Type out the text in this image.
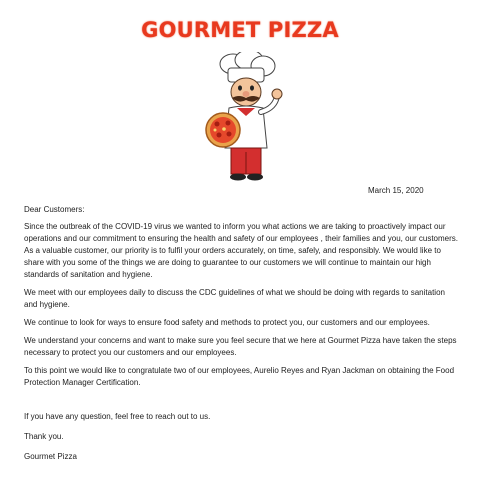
GOURMET PIZZA
March 15, 2020

Dear Customers:

Since the outbreak of the COVID-19 virus we wanted to inform you what actions we are taking to proactively impact our operations and our commitment to ensuring the health and safety of our employees , their families and you, our customers. As a valuable customer, our priority is to fulfil your orders accurately, on time, safely, and responsibly. We would like to share with you some of the things we are doing to guarantee to our customers we will continue to maintain our high standards of sanitation and hygiene.

We meet with our employees daily to discuss the CDC guidelines of what we should be doing with regards to sanitation and hygiene.

We continue to look for ways to ensure food safety and methods to protect you, our customers and our employees.

We understand your concerns and want to make sure you feel secure that we here at Gourmet Pizza have taken the steps necessary to protect you our customers and our employees.

To this point we would like to congratulate two of our employees, Aurelio Reyes and Ryan Jackman on obtaining the Food Protection Manager Certification.

If you have any question, feel free to reach out to us.

Thank you.

Gourmet Pizza
